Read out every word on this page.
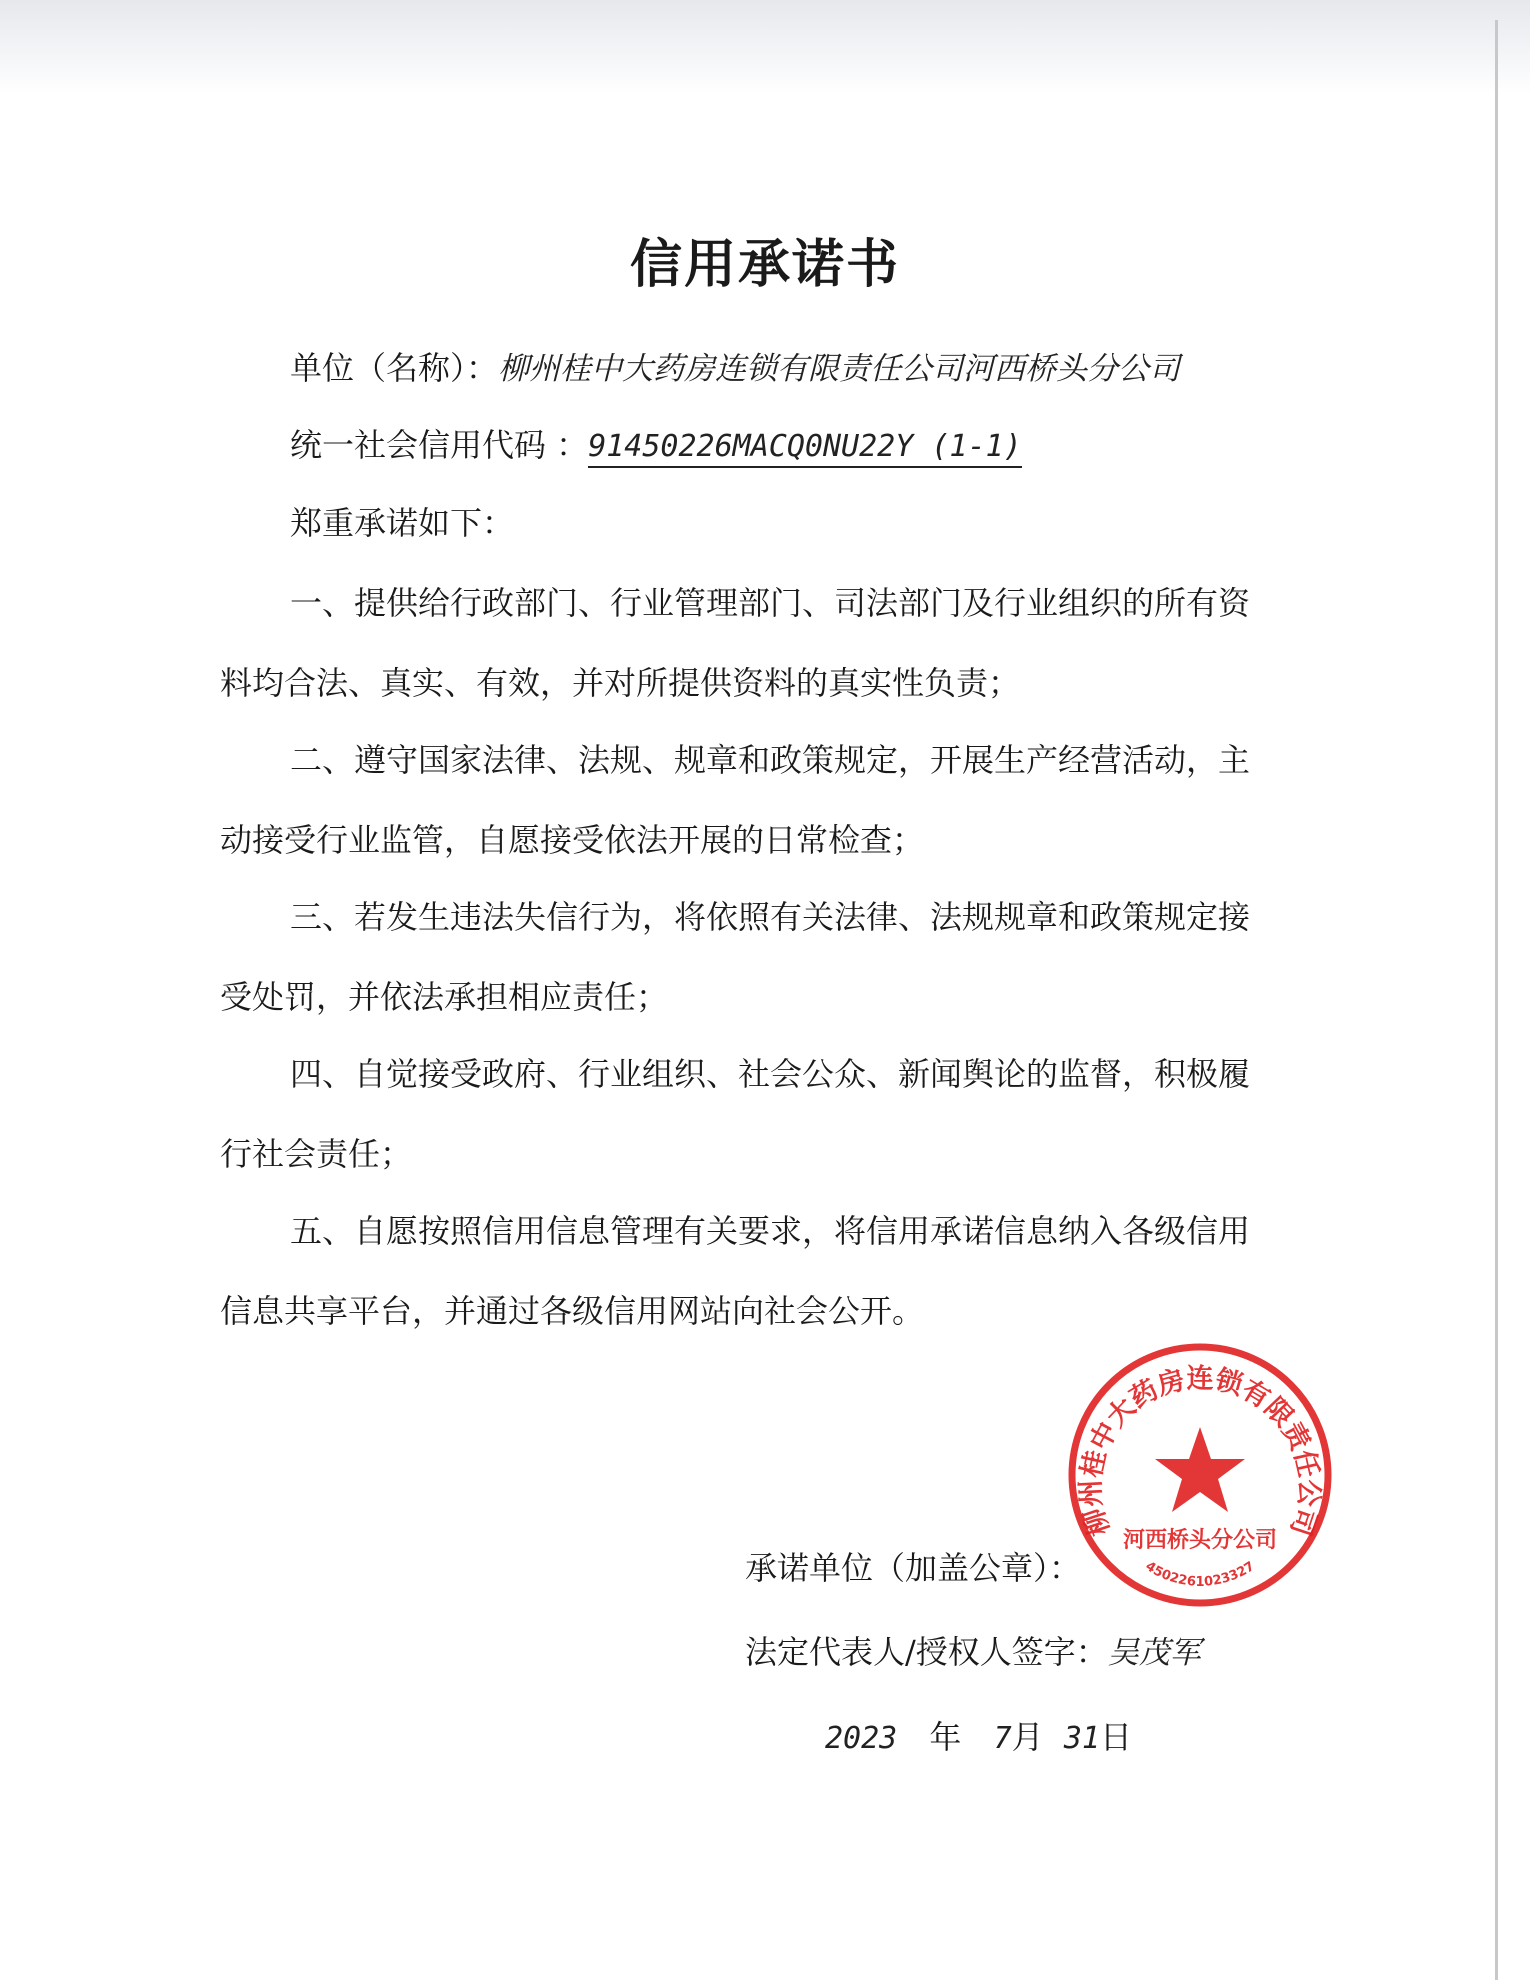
信用承诺书
单位（名称）：柳州桂中大药房连锁有限责任公司河西桥头分公司
统一社会信用代码 ：91450226MACQ0NU22Y (1-1)
郑重承诺如下：
一、提供给行政部门、行业管理部门、司法部门及行业组织的所有资料均合法、真实、有效，并对所提供资料的真实性负责；
二、遵守国家法律、法规、规章和政策规定，开展生产经营活动，主动接受行业监管，自愿接受依法开展的日常检查；
三、若发生违法失信行为，将依照有关法律、法规规章和政策规定接受处罚，并依法承担相应责任；
四、自觉接受政府、行业组织、社会公众、新闻舆论的监督，积极履行社会责任；
五、自愿按照信用信息管理有关要求，将信用承诺信息纳入各级信用信息共享平台，并通过各级信用网站向社会公开。
柳州桂中大药房连锁有限责任公司
河西桥头分公司
4502261023327
承诺单位（加盖公章）：
法定代表人/授权人签字：吴茂军
2023 年 7月 31日
